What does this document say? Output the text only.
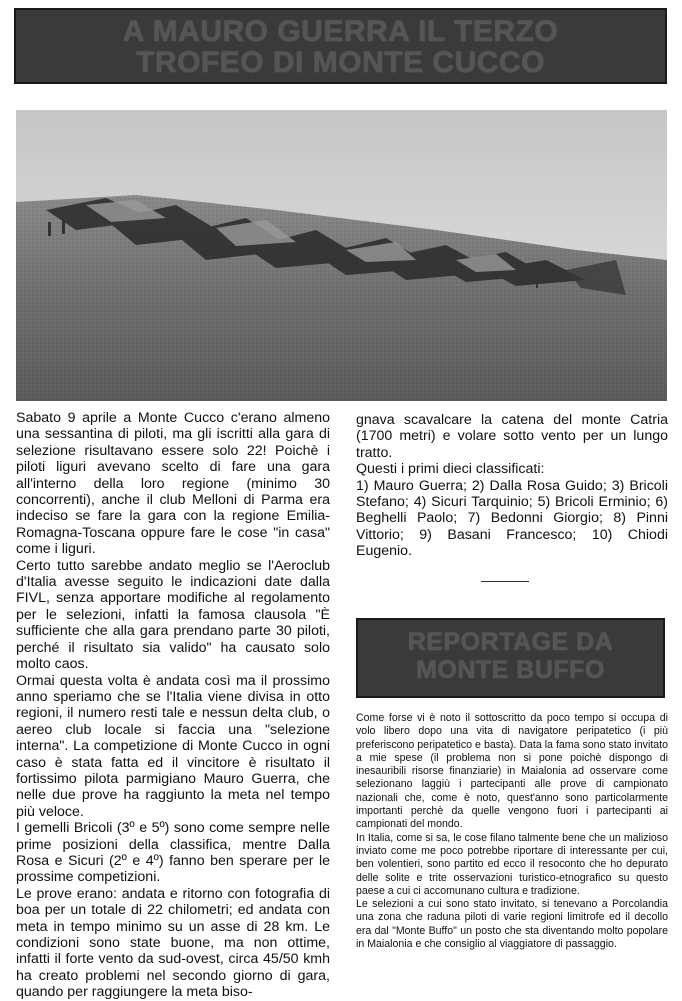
A MAURO GUERRA IL TERZO
TROFEO DI MONTE CUCCO

Sabato 9 aprile a Monte Cucco c'erano almeno una sessantina di piloti, ma gli iscritti alla gara di selezione risultavano essere solo 22! Poichè i piloti liguri avevano scelto di fare una gara all'interno della loro regione (minimo 30 concorrenti), anche il club Melloni di Parma era indeciso se fare la gara con la regione Emilia-Romagna-Toscana oppure fare le cose "in casa" come i liguri.

Certo tutto sarebbe andato meglio se l'Aeroclub d'Italia avesse seguito le indicazioni date dalla FIVL, senza apportare modifiche al regolamento per le selezioni, infatti la famosa clausola "È sufficiente che alla gara prendano parte 30 piloti, perché il risultato sia valido" ha causato solo molto caos.

Ormai questa volta è andata così ma il prossimo anno speriamo che se l'Italia viene divisa in otto regioni, il numero resti tale e nessun delta club, o aereo club locale si faccia una "selezione interna". La competizione di Monte Cucco in ogni caso è stata fatta ed il vincitore è risultato il fortissimo pilota parmigiano Mauro Guerra, che nelle due prove ha raggiunto la meta nel tempo più veloce.

I gemelli Bricoli (3º e 5º) sono come sempre nelle prime posizioni della classifica, mentre Dalla Rosa e Sicuri (2º e 4º) fanno ben sperare per le prossime competizioni.

Le prove erano: andata e ritorno con fotografia di boa per un totale di 22 chilometri; ed andata con meta in tempo minimo su un asse di 28 km. Le condizioni sono state buone, ma non ottime, infatti il forte vento da sud-ovest, circa 45/50 kmh ha creato problemi nel secondo giorno di gara, quando per raggiungere la meta biso-

gnava scavalcare la catena del monte Catria (1700 metri) e volare sotto vento per un lungo tratto.

Questi i primi dieci classificati:

1) Mauro Guerra; 2) Dalla Rosa Guido; 3) Bricoli Stefano; 4) Sicuri Tarquinio; 5) Bricoli Erminio; 6) Beghelli Paolo; 7) Bedonni Giorgio; 8) Pinni Vittorio; 9) Basani Francesco; 10) Chiodi Eugenio.

REPORTAGE DA
MONTE BUFFO

Come forse vi è noto il sottoscritto da poco tempo si occupa di volo libero dopo una vita di navigatore peripatetico (i più preferiscono peripatetico e basta). Data la fama sono stato invitato a mie spese (il problema non si pone poichè dispongo di inesauribili risorse finanziarie) in Maialonia ad osservare come selezionano laggiù i partecipanti alle prove di campionato nazionali che, come è noto, quest'anno sono particolarmente importanti perchè da quelle vengono fuori i partecipanti ai campionati del mondo.

In Italia, come si sa, le cose filano talmente bene che un malizioso inviato come me poco potrebbe riportare di interessante per cui, ben volentieri, sono partito ed ecco il resoconto che ho depurato delle solite e trite osservazioni turistico-etnografico su questo paese a cui ci accomunano cultura e tradizione.

Le selezioni a cui sono stato invitato, si tenevano a Porcolandia una zona che raduna piloti di varie regioni limitrofe ed il decollo era dal "Monte Buffo" un posto che sta diventando molto popolare in Maialonia e che consiglio al viaggiatore di passaggio.
